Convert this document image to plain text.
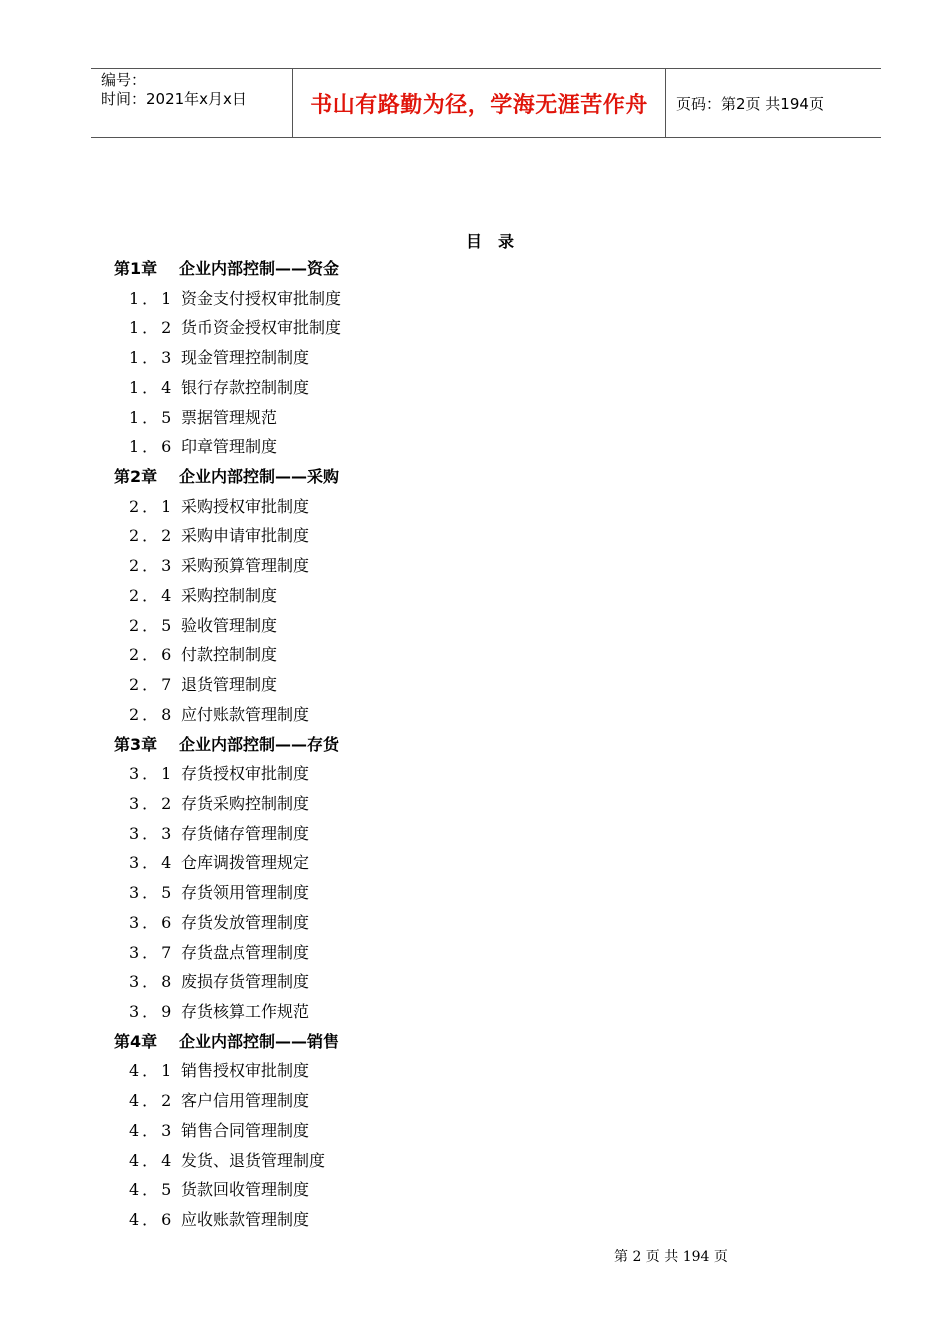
编号：
时间：2021年x月x日	书山有路勤为径，学海无涯苦作舟 页码：第2页 共194页
目　录
第1章 企业内部控制——资金
1．1 资金支付授权审批制度
1．2 货币资金授权审批制度
1．3 现金管理控制制度
1．4 银行存款控制制度
1．5 票据管理规范
1．6 印章管理制度
第2章 企业内部控制——采购
2．1 采购授权审批制度
2．2 采购申请审批制度
2．3 采购预算管理制度
2．4 采购控制制度
2．5 验收管理制度
2．6 付款控制制度
2．7 退货管理制度
2．8 应付账款管理制度
第3章 企业内部控制——存货
3．1 存货授权审批制度
3．2 存货采购控制制度
3．3 存货储存管理制度
3．4 仓库调拨管理规定
3．5 存货领用管理制度
3．6 存货发放管理制度
3．7 存货盘点管理制度
3．8 废损存货管理制度
3．9 存货核算工作规范
第4章 企业内部控制——销售
4．1 销售授权审批制度
4．2 客户信用管理制度
4．3 销售合同管理制度
4．4 发货、退货管理制度
4．5 货款回收管理制度
4．6 应收账款管理制度
第 2 页 共 194 页
